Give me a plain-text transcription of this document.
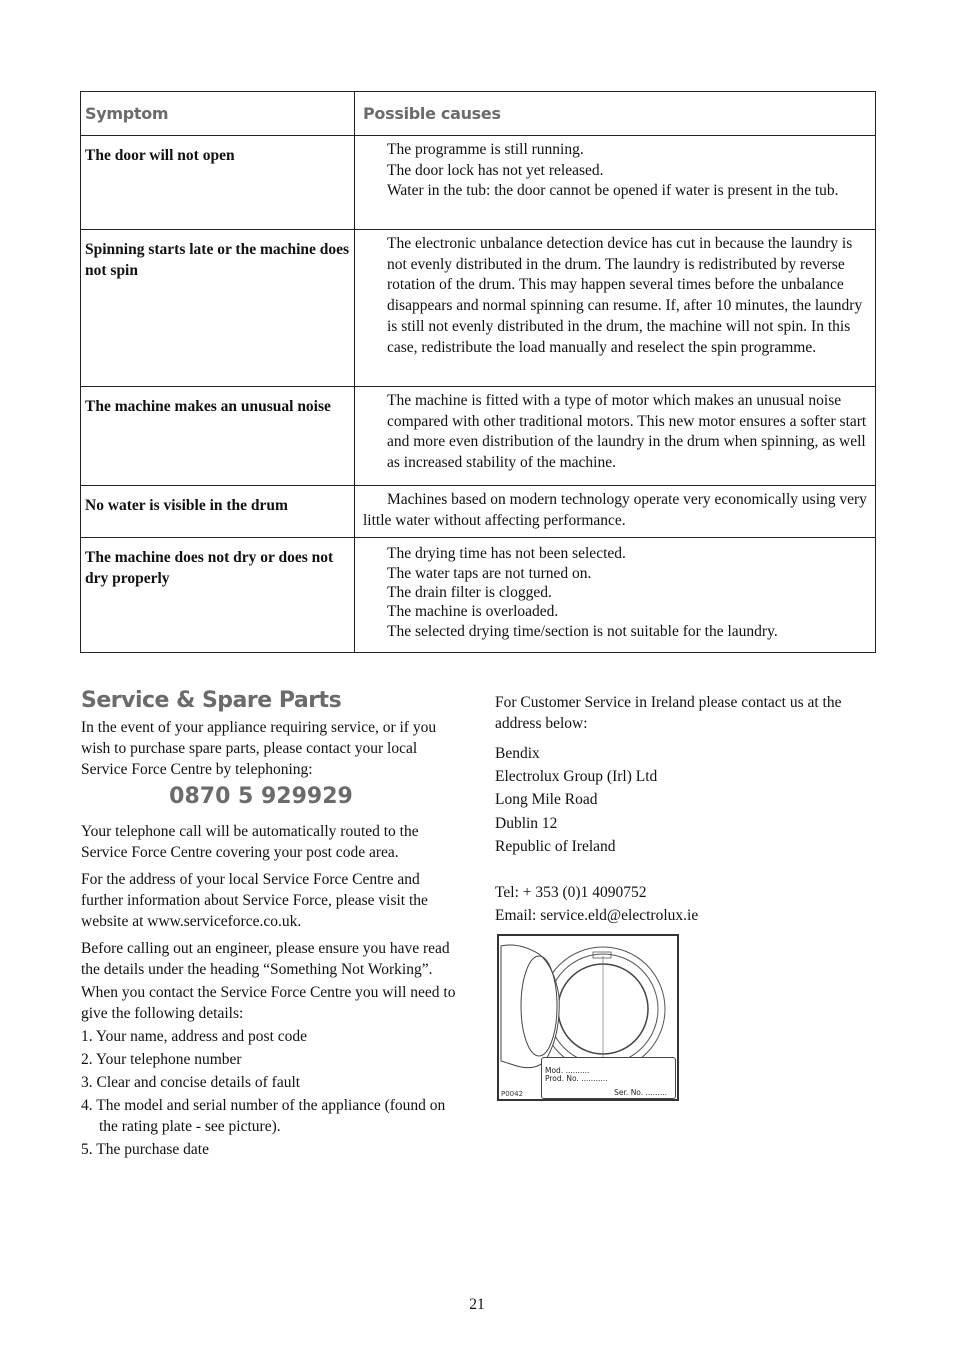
Symptom	Possible causes
The door will not open	The programme is still running.
The door lock has not yet released.
Water in the tub: the door cannot be opened if water is present in the tub.

Spinning starts late or the machine does not spin	The electronic unbalance detection device has cut in because the laundry is not evenly distributed in the drum. The laundry is redistributed by reverse rotation of the drum. This may happen several times before the unbalance disappears and normal spinning can resume. If, after 10 minutes, the laundry is still not evenly distributed in the drum, the machine will not spin. In this case, redistribute the load manually and reselect the spin programme.

The machine makes an unusual noise	The machine is fitted with a type of motor which makes an unusual noise compared with other traditional motors. This new motor ensures a softer start and more even distribution of the laundry in the drum when spinning, as well as increased stability of the machine.

No water is visible in the drum	Machines based on modern technology operate very economically using very little water without affecting performance.

The machine does not dry or does not dry properly	The drying time has not been selected.
The water taps are not turned on.
The drain filter is clogged.
The machine is overloaded.
The selected drying time/section is not suitable for the laundry.
Service & Spare Parts

In the event of your appliance requiring service, or if you wish to purchase spare parts, please contact your local Service Force Centre by telephoning:

0870 5 929929

Your telephone call will be automatically routed to the Service Force Centre covering your post code area.

For the address of your local Service Force Centre and further information about Service Force, please visit the website at www.serviceforce.co.uk.

Before calling out an engineer, please ensure you have read the details under the heading “Something Not Working”.

When you contact the Service Force Centre you will need to give the following details:

1. Your name, address and post code
2. Your telephone number
3. Clear and concise details of fault
4. The model and serial number of the appliance (found on the rating plate - see picture).
5. The purchase date

For Customer Service in Ireland please contact us at the address below:

Bendix
Electrolux Group (Irl) Ltd
Long Mile Road
Dublin 12
Republic of Ireland
Tel: + 353 (0)1 4090752
Email: service.eld@electrolux.ie
Mod. ..........
Prod. No. ...........
Ser. No. .........
P0042
21
